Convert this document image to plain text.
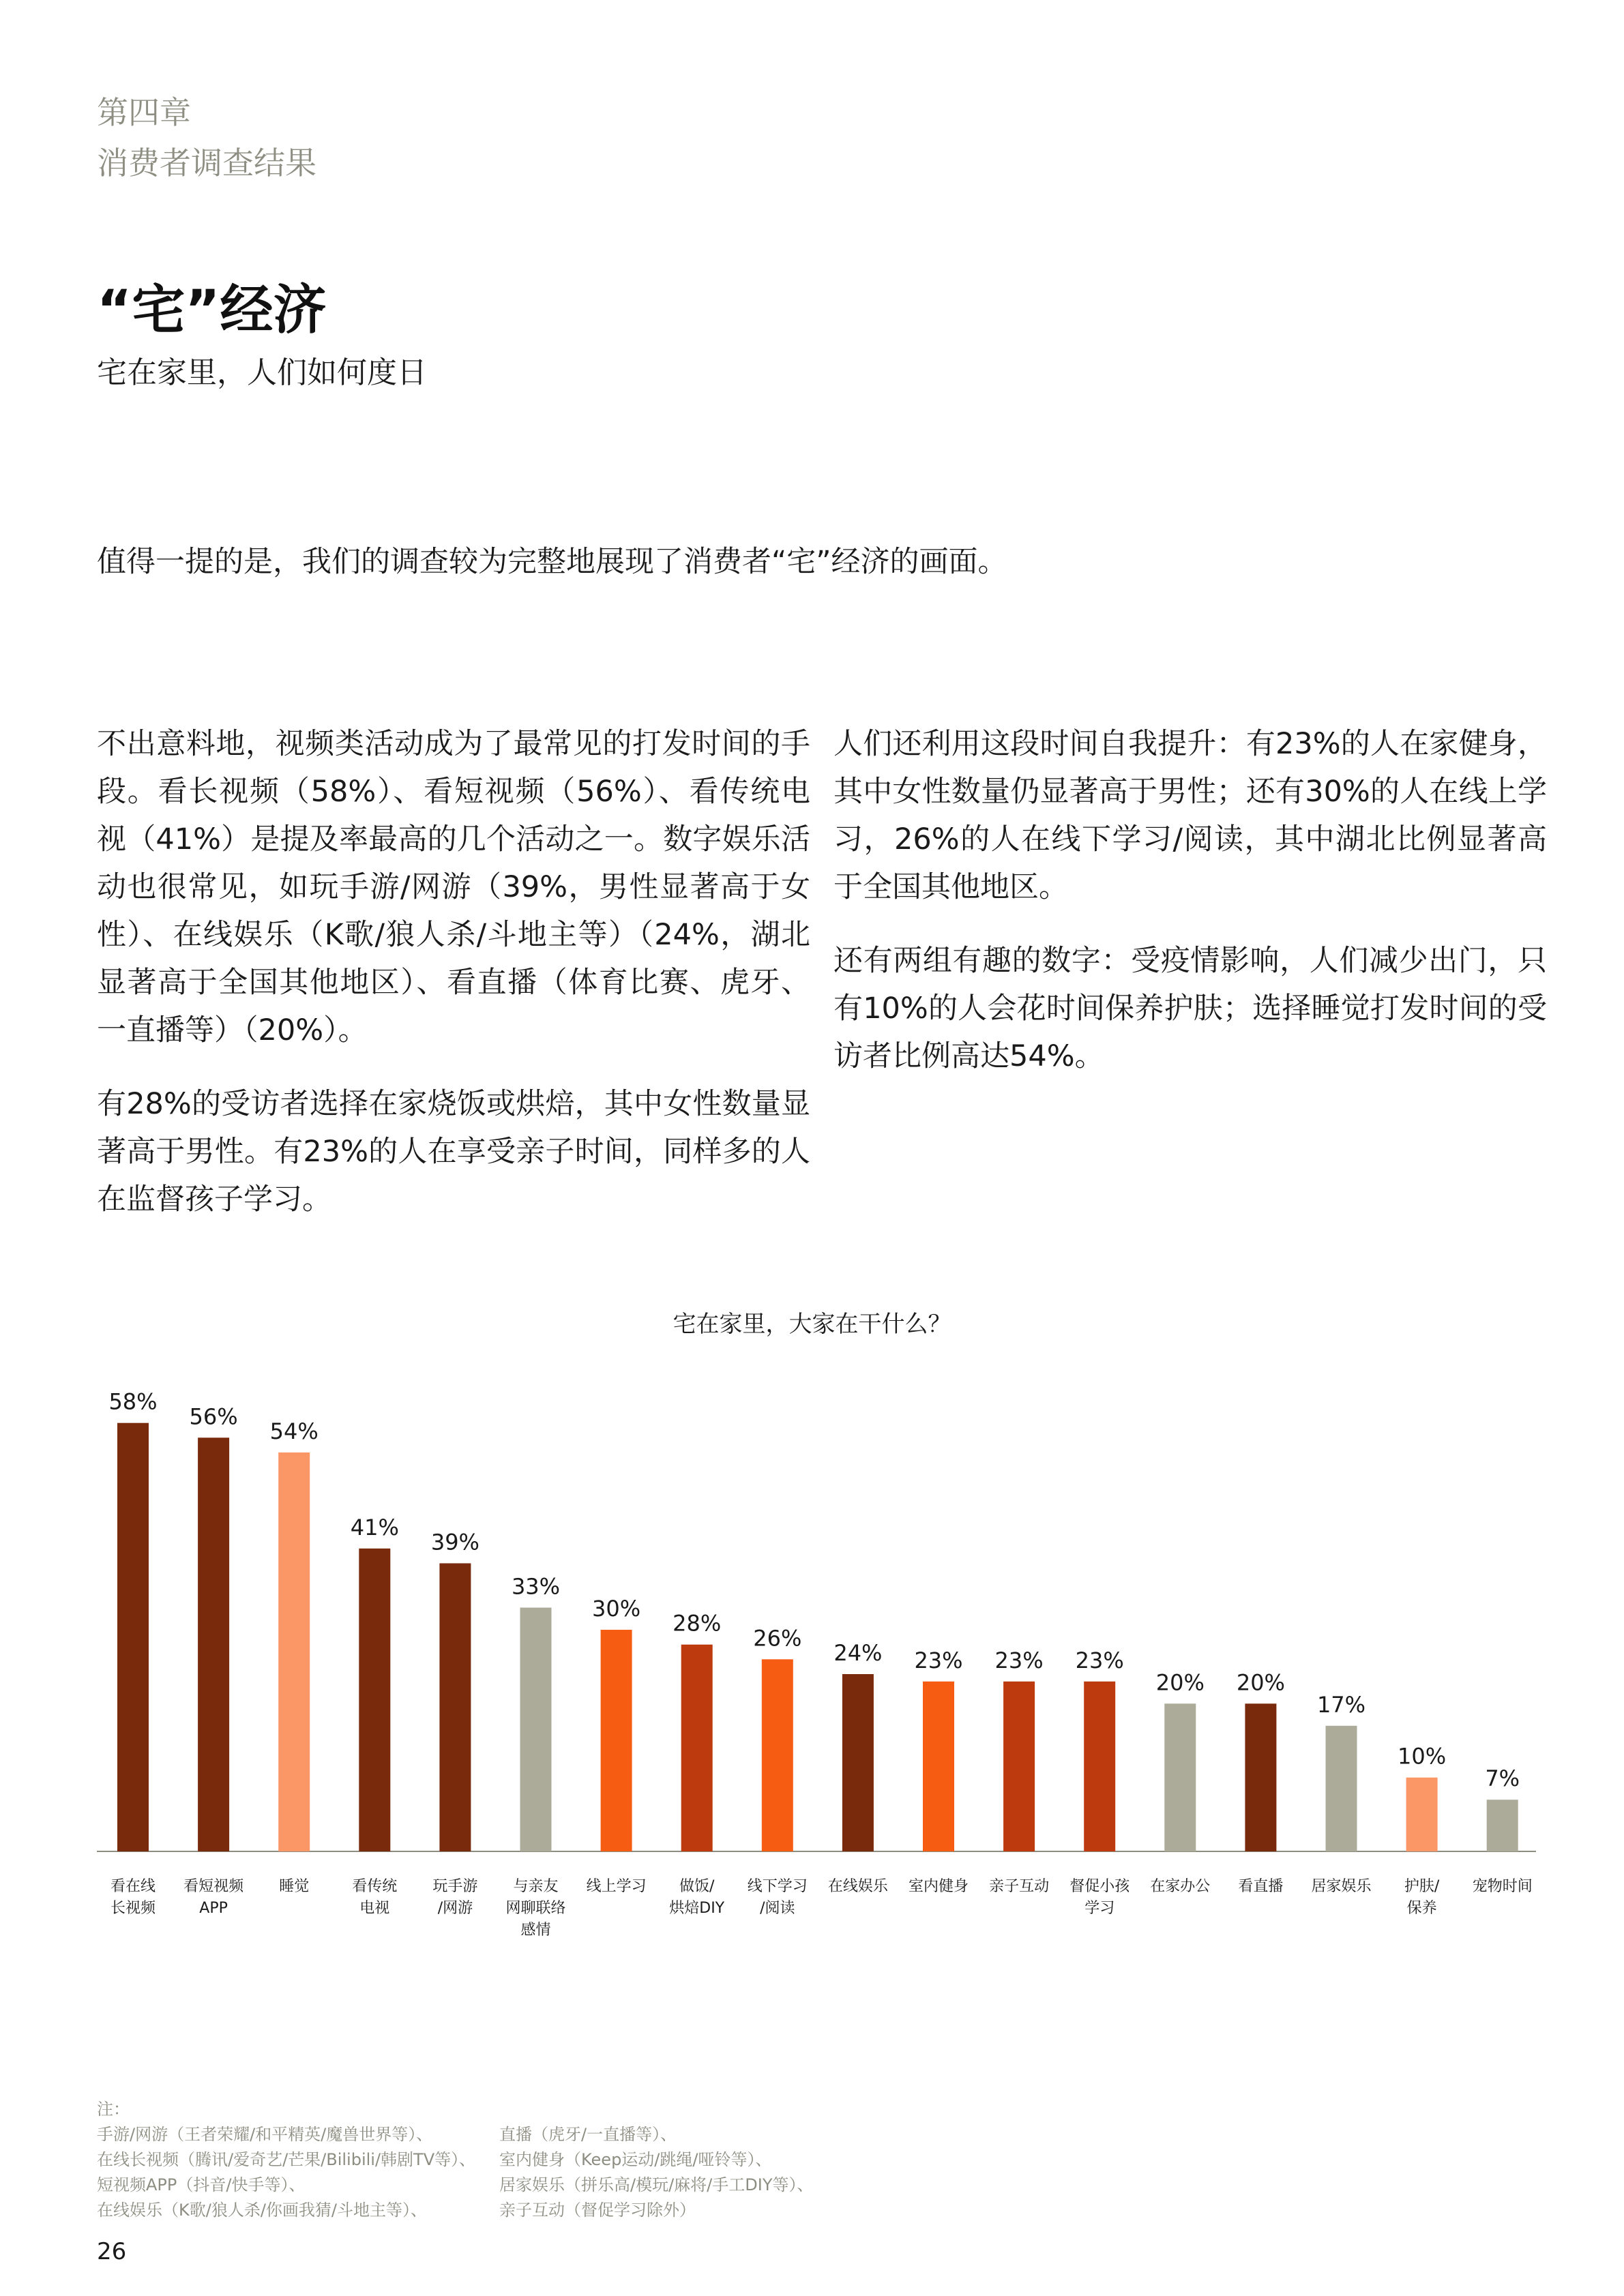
第四章
消费者调查结果
“宅”经济
宅在家里，人们如何度日
值得一提的是，我们的调查较为完整地展现了消费者“宅”经济的画面。

不出意料地，视频类活动成为了最常见的打发时间的手段。看长视频（58%）、看短视频（56%）、看传统电视（41%）是提及率最高的几个活动之一。数字娱乐活动也很常见，如玩手游/网游（39%，男性显著高于女性）、在线娱乐（K歌/狼人杀/斗地主等）（24%，湖北显著高于全国其他地区）、看直播（体育比赛、虎牙、一直播等）（20%）。

有28%的受访者选择在家烧饭或烘焙，其中女性数量显著高于男性。有23%的人在享受亲子时间，同样多的人在监督孩子学习。

人们还利用这段时间自我提升：有23%的人在家健身，其中女性数量仍显著高于男性；还有30%的人在线上学习，26%的人在线下学习/阅读，其中湖北比例显著高于全国其他地区。

还有两组有趣的数字：受疫情影响，人们减少出门，只有10%的人会花时间保养护肤；选择睡觉打发时间的受访者比例高达54%。

宅在家里，大家在干什么？
58%
看在线长视频
56%
看短视频 APP
54%
睡觉
41%
看传统电视
39%
玩手游/网游
33%
与亲友网聊联络感情
30%
线上学习
28%
做饭/烘焙DIY
26%
线下学习/阅读
24%
在线娱乐
23%
室内健身
23%
亲子互动
23%
督促小孩学习
20%
在家办公
20%
看直播
17%
居家娱乐
10%
护肤/保养
7%
宠物时间
注：
手游/网游（王者荣耀/和平精英/魔兽世界等）、
在线长视频（腾讯/爱奇艺/芒果/Bilibili/韩剧TV等）、
短视频APP（抖音/快手等）、
在线娱乐（K歌/狼人杀/你画我猜/斗地主等）、

直播（虎牙/一直播等）、
室内健身（Keep运动/跳绳/哑铃等）、
居家娱乐（拼乐高/模玩/麻将/手工DIY等）、
亲子互动（督促学习除外）
26
